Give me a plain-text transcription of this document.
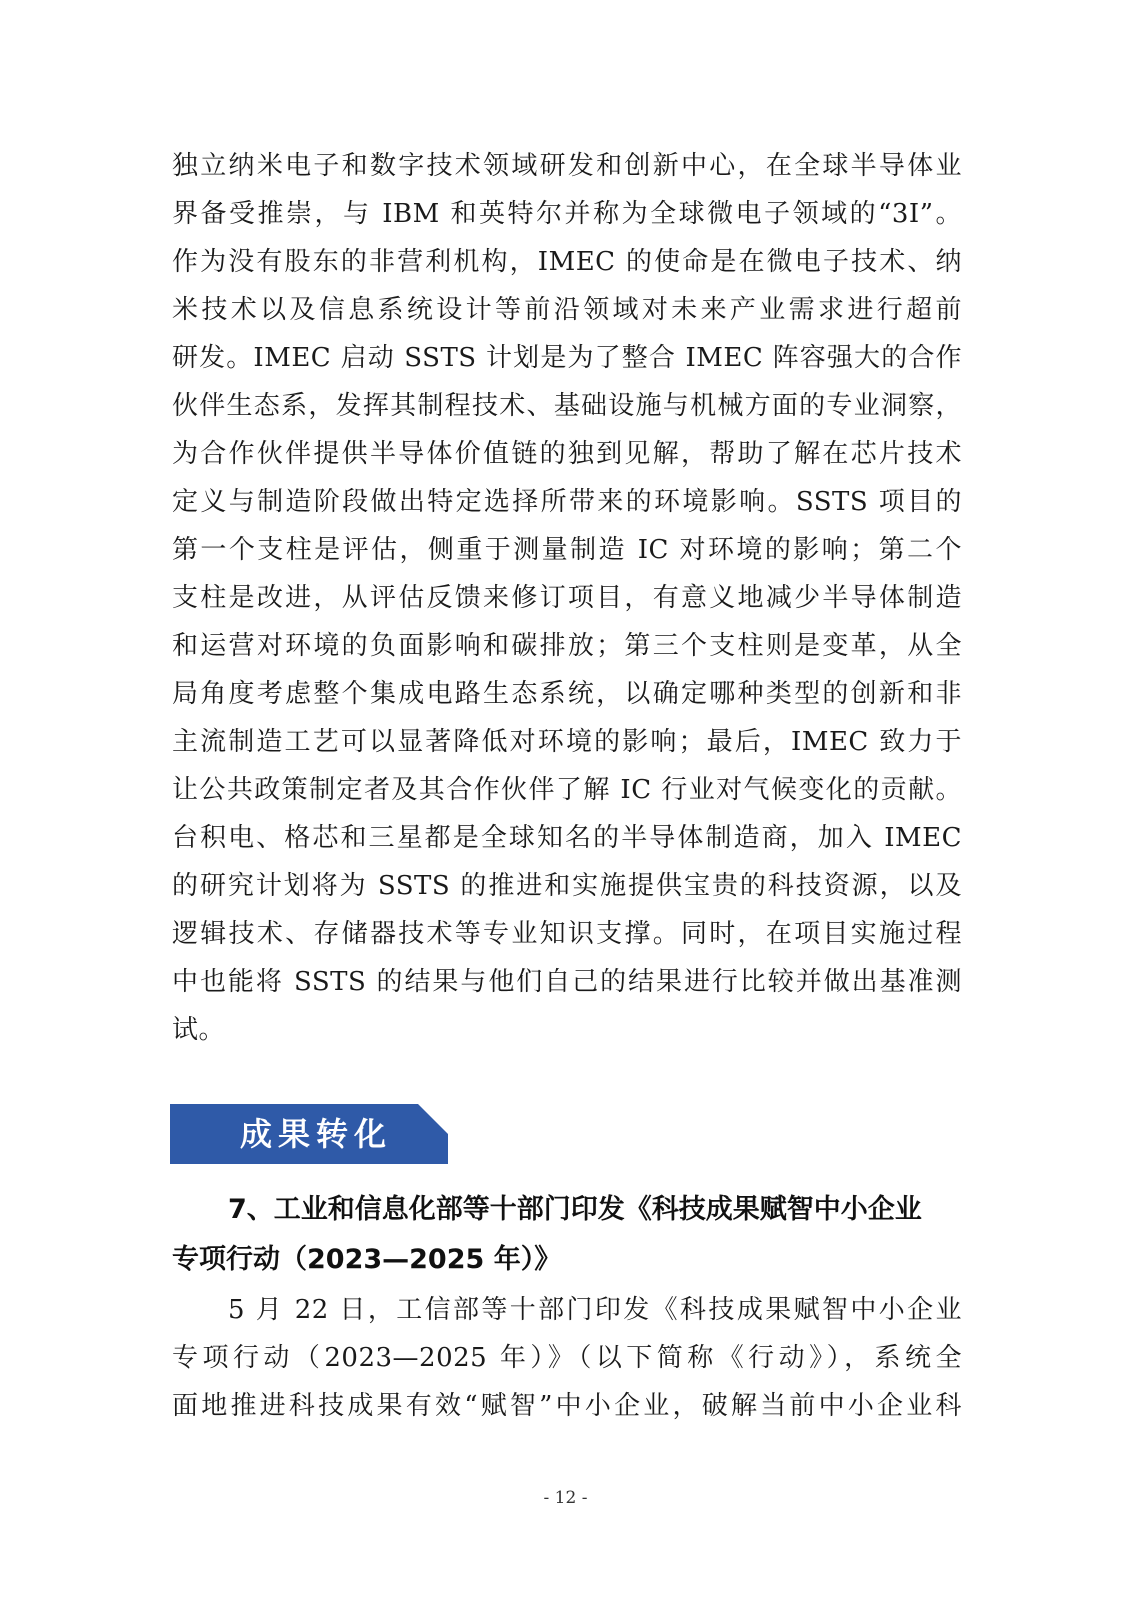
独立纳米电子和数字技术领域研发和创新中心，在全球半导体业
界备受推崇，与 IBM 和英特尔并称为全球微电子领域的“3I”。
作为没有股东的非营利机构，IMEC 的使命是在微电子技术、纳
米技术以及信息系统设计等前沿领域对未来产业需求进行超前
研发。IMEC 启动 SSTS 计划是为了整合 IMEC 阵容强大的合作
伙伴生态系，发挥其制程技术、基础设施与机械方面的专业洞察，
为合作伙伴提供半导体价值链的独到见解，帮助了解在芯片技术
定义与制造阶段做出特定选择所带来的环境影响。SSTS 项目的
第一个支柱是评估，侧重于测量制造 IC 对环境的影响；第二个
支柱是改进，从评估反馈来修订项目，有意义地减少半导体制造
和运营对环境的负面影响和碳排放；第三个支柱则是变革，从全
局角度考虑整个集成电路生态系统，以确定哪种类型的创新和非
主流制造工艺可以显著降低对环境的影响；最后，IMEC 致力于
让公共政策制定者及其合作伙伴了解 IC 行业对气候变化的贡献。
台积电、格芯和三星都是全球知名的半导体制造商，加入 IMEC
的研究计划将为 SSTS 的推进和实施提供宝贵的科技资源，以及
逻辑技术、存储器技术等专业知识支撑。同时，在项目实施过程
中也能将 SSTS 的结果与他们自己的结果进行比较并做出基准测
试。
成果转化
7、工业和信息化部等十部门印发《科技成果赋智中小企业
专项行动（2023—2025 年）》
5 月 22 日，工信部等十部门印发《科技成果赋智中小企业
专项行动（2023—2025 年）》（以下简称《行动》），系统全
面地推进科技成果有效“赋智”中小企业，破解当前中小企业科
- 12 -
